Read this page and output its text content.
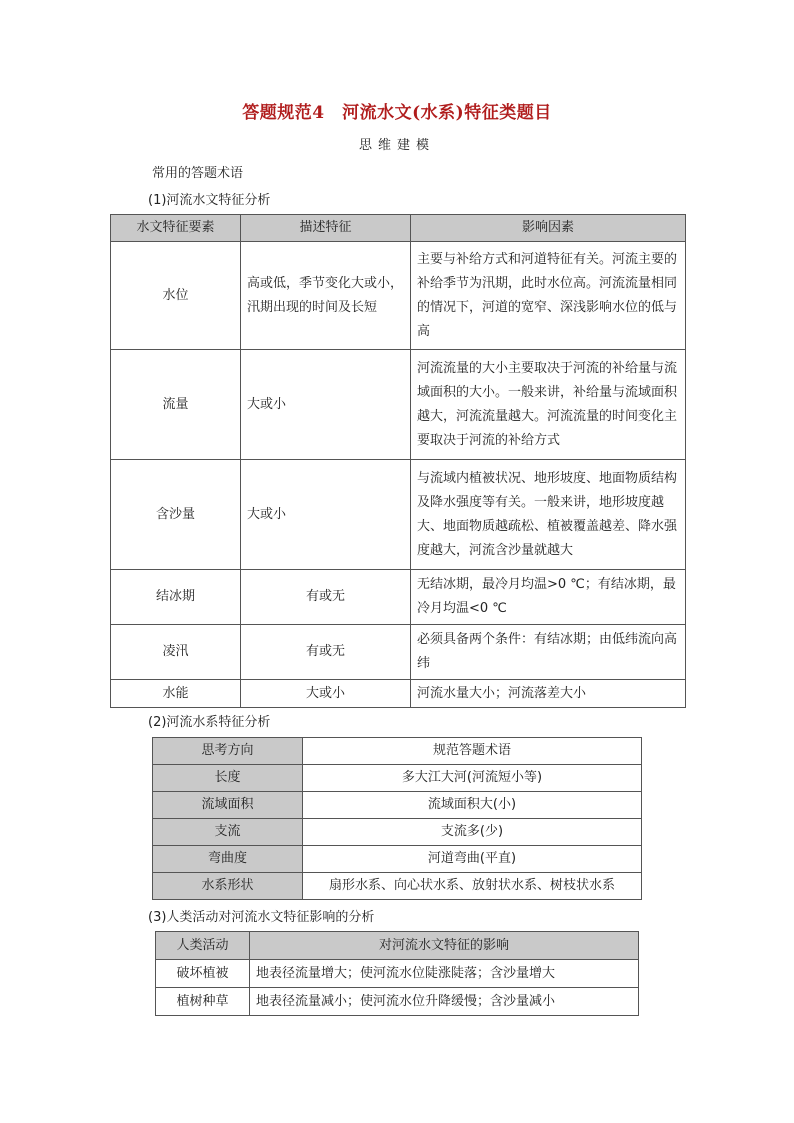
答题规范4　河流水文(水系)特征类题目
思维建模
常用的答题术语
(1)河流水文特征分析
水文特征要素	描述特征	影响因素
水位	高或低，季节变化大或小，汛期出现的时间及长短	主要与补给方式和河道特征有关。河流主要的补给季节为汛期，此时水位高。河流流量相同的情况下，河道的宽窄、深浅影响水位的低与高
流量	大或小	河流流量的大小主要取决于河流的补给量与流域面积的大小。一般来讲，补给量与流域面积越大，河流流量越大。河流流量的时间变化主要取决于河流的补给方式
含沙量	大或小	与流域内植被状况、地形坡度、地面物质结构及降水强度等有关。一般来讲，地形坡度越大、地面物质越疏松、植被覆盖越差、降水强度越大，河流含沙量就越大
结冰期	有或无	无结冰期，最冷月均温>0 ℃；有结冰期，最冷月均温<0 ℃
凌汛	有或无	必须具备两个条件：有结冰期；由低纬流向高纬
水能	大或小	河流水量大小；河流落差大小
(2)河流水系特征分析
思考方向	规范答题术语
长度	多大江大河(河流短小等)
流域面积	流域面积大(小)
支流	支流多(少)
弯曲度	河道弯曲(平直)
水系形状	扇形水系、向心状水系、放射状水系、树枝状水系
(3)人类活动对河流水文特征影响的分析
人类活动	对河流水文特征的影响
破坏植被	地表径流量增大；使河流水位陡涨陡落；含沙量增大
植树种草	地表径流量减小；使河流水位升降缓慢；含沙量减小
